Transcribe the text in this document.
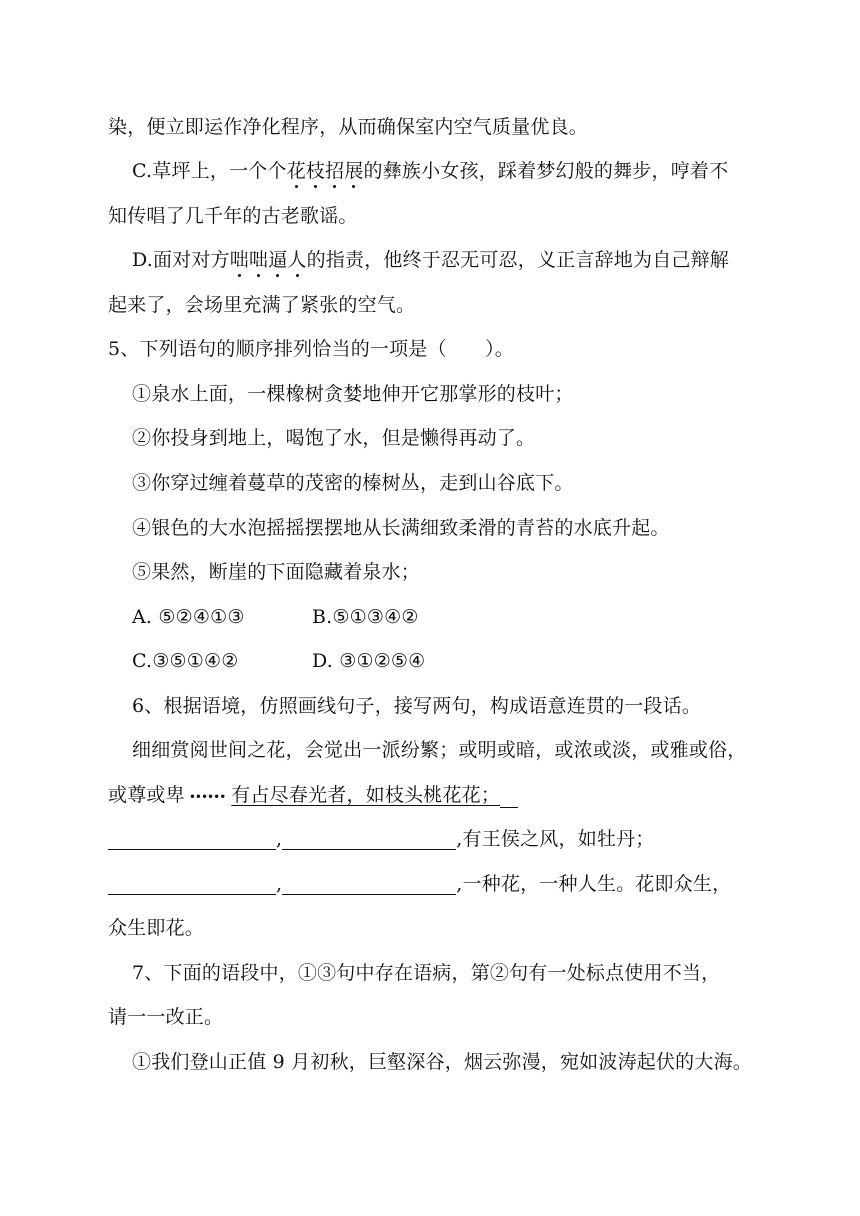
染，便立即运作净化程序，从而确保室内空气质量优良。
C.草坪上，一个个花枝招展的彝族小女孩，踩着梦幻般的舞步，哼着不
知传唱了几千年的古老歌谣。
D.面对对方咄咄逼人的指责，他终于忍无可忍，义正言辞地为自己辩解
起来了，会场里充满了紧张的空气。
5、下列语句的顺序排列恰当的一项是（　　）。
①泉水上面，一棵橡树贪婪地伸开它那掌形的枝叶；
②你投身到地上，喝饱了水，但是懒得再动了。
③你穿过缠着蔓草的茂密的榛树丛，走到山谷底下。
④银色的大水泡摇摇摆摆地从长满细致柔滑的青苔的水底升起。
⑤果然，断崖的下面隐藏着泉水；
A. ⑤②④①③	B.⑤①③④②
C.③⑤①④②	D. ③①②⑤④
6、根据语境，仿照画线句子，接写两句，构成语意连贯的一段话。
细细赏阅世间之花，会觉出一派纷繁；或明或暗，或浓或淡，或雅或俗，
或尊或卑 •••••• 有占尽春光者，如枝头桃花花；
,	,有王侯之风，如牡丹；
,	,一种花，一种人生。花即众生，
众生即花。
7、下面的语段中，①③句中存在语病，第②句有一处标点使用不当，
请一一改正。
①我们登山正值 9 月初秋，巨壑深谷，烟云弥漫，宛如波涛起伏的大海。
